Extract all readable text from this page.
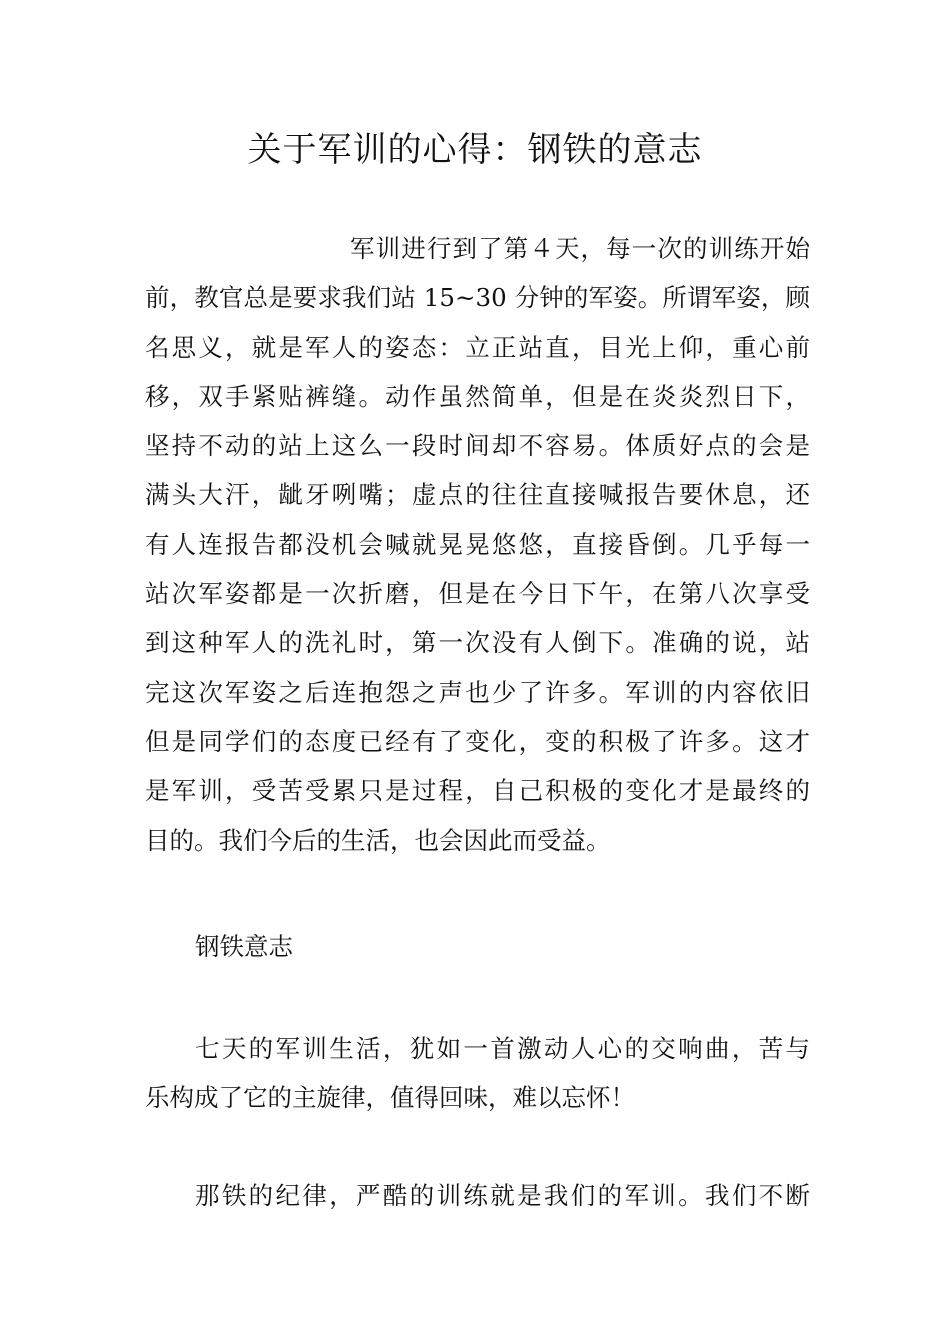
关于军训的心得：钢铁的意志
军训进行到了第４天，每一次的训练开始
前，教官总是要求我们站 15~30 分钟的军姿。所谓军姿，顾
名思义，就是军人的姿态：立正站直，目光上仰，重心前
移，双手紧贴裤缝。动作虽然简单，但是在炎炎烈日下，
坚持不动的站上这么一段时间却不容易。体质好点的会是
满头大汗，龇牙咧嘴；虚点的往往直接喊报告要休息，还
有人连报告都没机会喊就晃晃悠悠，直接昏倒。几乎每一
站次军姿都是一次折磨，但是在今日下午，在第八次享受
到这种军人的洗礼时，第一次没有人倒下。准确的说，站
完这次军姿之后连抱怨之声也少了许多。军训的内容依旧
但是同学们的态度已经有了变化，变的积极了许多。这才
是军训，受苦受累只是过程，自己积极的变化才是最终的
目的。我们今后的生活，也会因此而受益。
钢铁意志
七天的军训生活，犹如一首激动人心的交响曲，苦与
乐构成了它的主旋律，值得回味，难以忘怀！
那铁的纪律，严酷的训练就是我们的军训。我们不断
